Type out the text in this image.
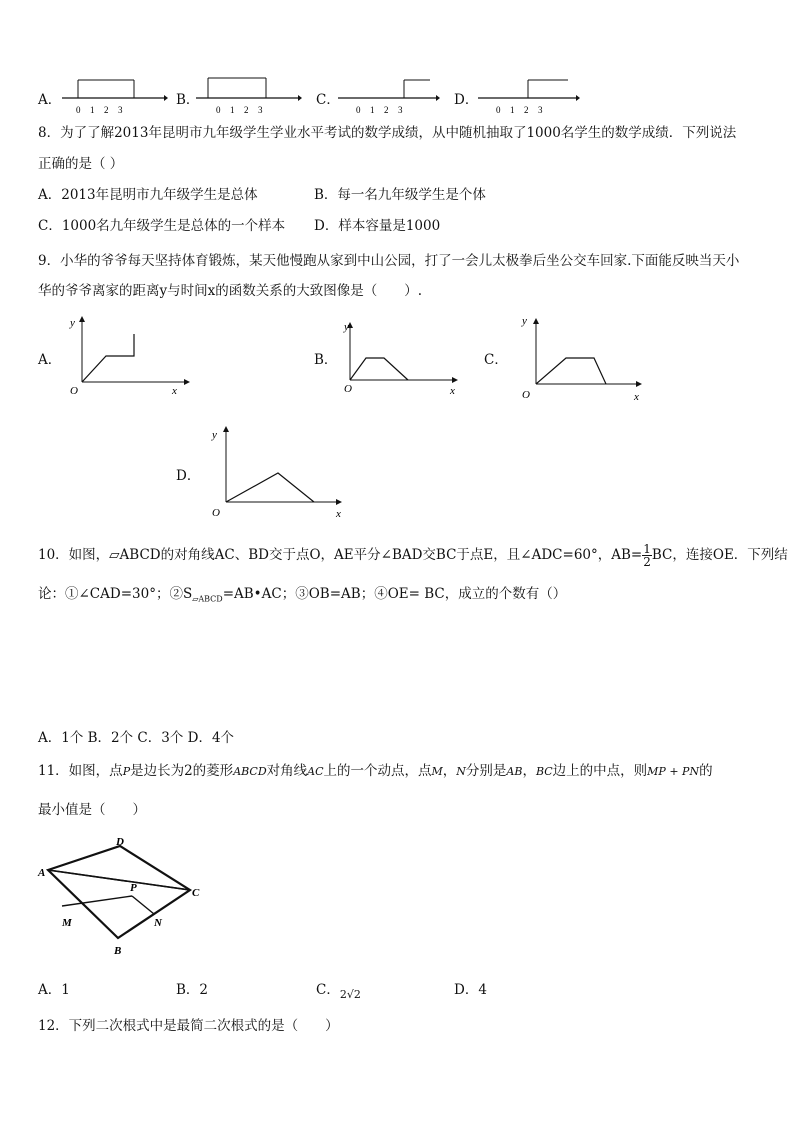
A．
0 1 2 3
B．
0 1 2 3
C．
0 1 2 3
D．
0 1 2 3
8．为了了解2013年昆明市九年级学生学业水平考试的数学成绩，从中随机抽取了1000名学生的数学成绩．下列说法
正确的是（ ）
A．2013年昆明市九年级学生是总体	B．每一名九年级学生是个体
C．1000名九年级学生是总体的一个样本 D．样本容量是1000
9．小华的爷爷每天坚持体育锻炼，某天他慢跑从家到中山公园，打了一会儿太极拳后坐公交车回家.下面能反映当天小
华的爷爷离家的距离y与时间x的函数关系的大致图像是（　　）.
A．
y
O	x
B．
y
O	x
C．
y
O	x
D．
y
O	x
10．如图，▱ABCD的对角线AC、BD交于点O，AE平分∠BAD交BC于点E，且∠ADC=60°，$AB= \frac{1}{2}$ BC，连接OE．下列结
论：①∠CAD=30°；$②S_{▱ABCD}=AB•AC$；③OB=AB；④OE= BC，成立的个数有（）
A．1个 B．2个 C．3个 D．4个
11．如图，点P是边长为2的菱形ABCD对角线AC上的一个动点，点M，N分别是AB，BC边上的中点，则MP + PN的
最小值是（　　）
A
B
C
D
P
M	N
A．1	B．2	C．$_{2√2}$	D．4
12．下列二次根式中是最简二次根式的是（　　）
